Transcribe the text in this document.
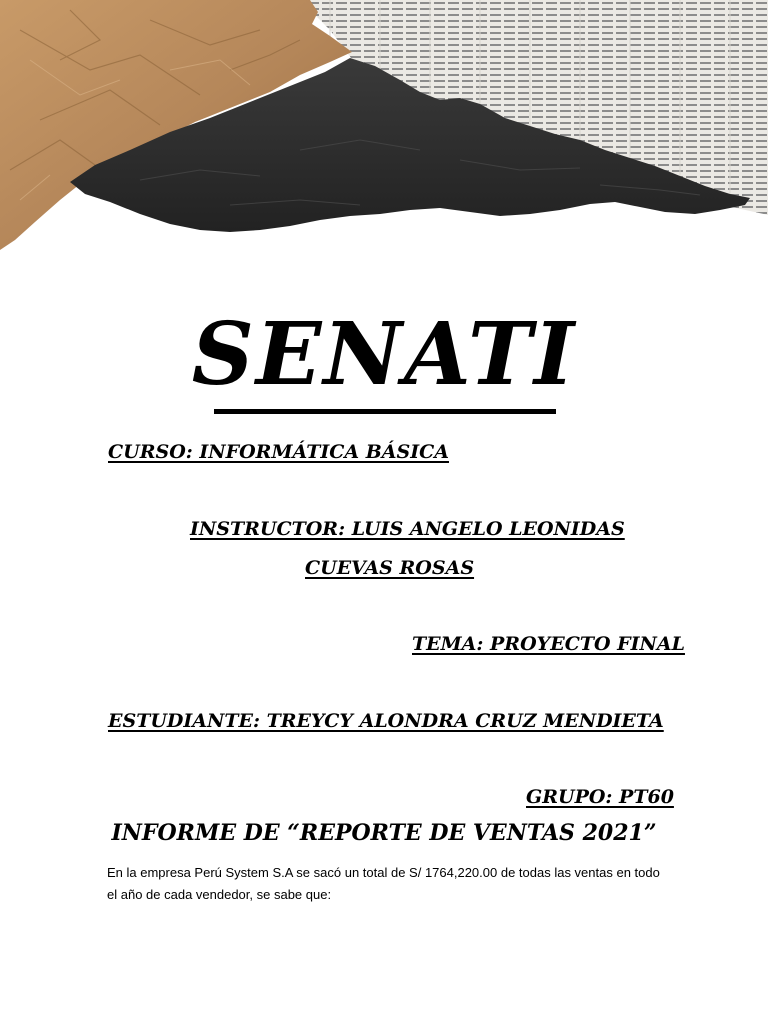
SENATI
CURSO: INFORMÁTICA BÁSICA
INSTRUCTOR: LUIS ANGELO LEONIDAS
CUEVAS ROSAS
TEMA: PROYECTO FINAL
ESTUDIANTE: TREYCY ALONDRA CRUZ MENDIETA
GRUPO: PT60
INFORME DE “REPORTE DE VENTAS 2021”
En la empresa Perú System S.A se sacó un total de S/ 1764,220.00 de todas las ventas en todo el año de cada vendedor, se sabe que:
